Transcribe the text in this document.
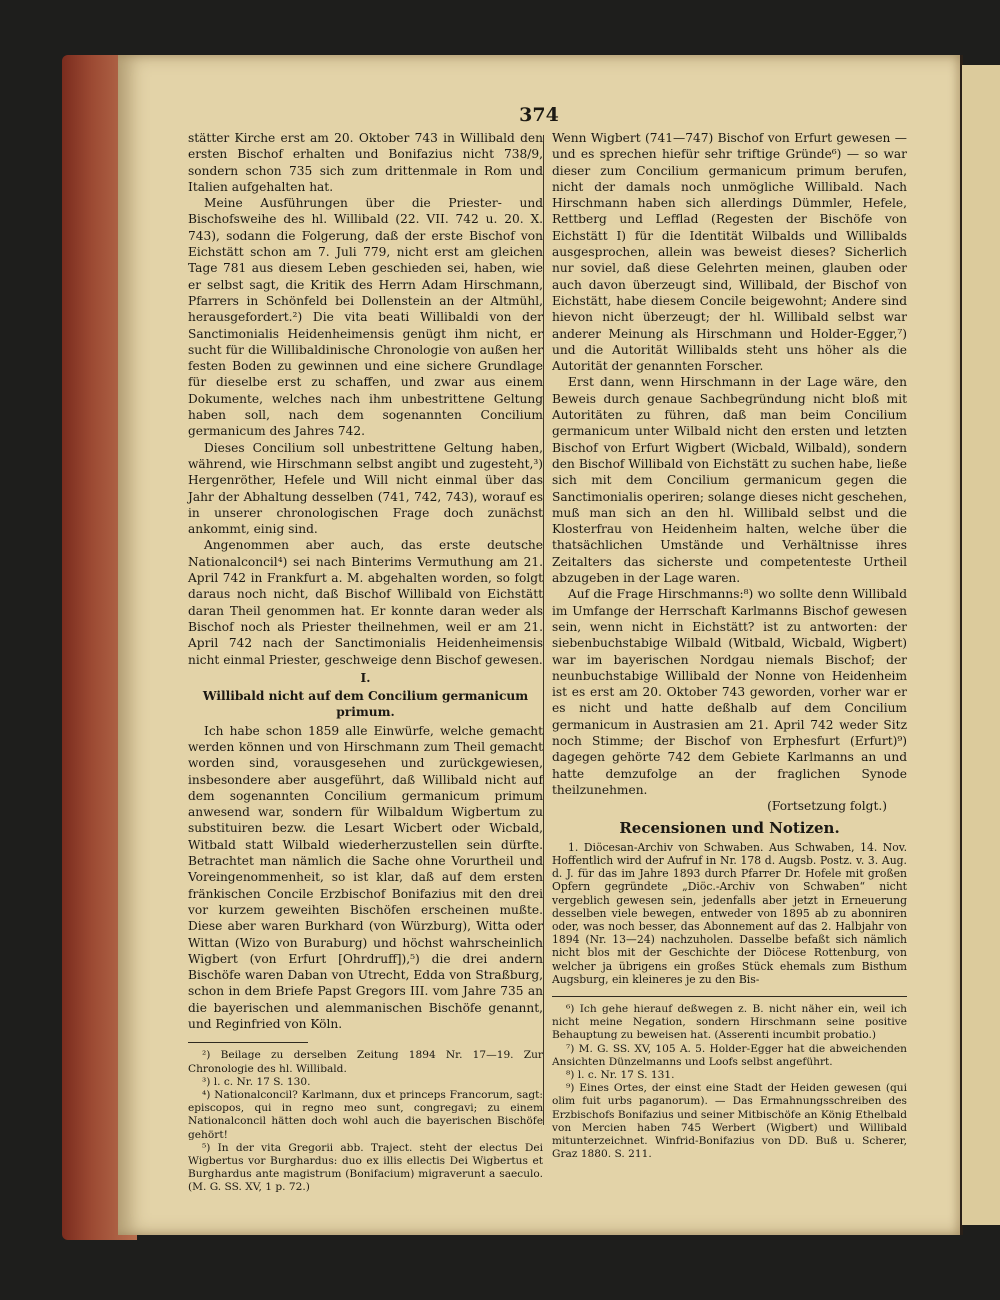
374

stätter Kirche erst am 20. Oktober 743 in Willibald den ersten Bischof erhalten und Bonifazius nicht 738/9, sondern schon 735 sich zum drittenmale in Rom und Italien aufgehalten hat.

Meine Ausführungen über die Priester- und Bischofsweihe des hl. Willibald (22. VII. 742 u. 20. X. 743), sodann die Folgerung, daß der erste Bischof von Eichstätt schon am 7. Juli 779, nicht erst am gleichen Tage 781 aus diesem Leben geschieden sei, haben, wie er selbst sagt, die Kritik des Herrn Adam Hirschmann, Pfarrers in Schönfeld bei Dollenstein an der Altmühl, herausgefordert.²) Die vita beati Willibaldi von der Sanctimonialis Heidenheimensis genügt ihm nicht, er sucht für die Willibaldinische Chronologie von außen her festen Boden zu gewinnen und eine sichere Grundlage für dieselbe erst zu schaffen, und zwar aus einem Dokumente, welches nach ihm unbestrittene Geltung haben soll, nach dem sogenannten Concilium germanicum des Jahres 742.

Dieses Concilium soll unbestrittene Geltung haben, während, wie Hirschmann selbst angibt und zugesteht,³) Hergenröther, Hefele und Will nicht einmal über das Jahr der Abhaltung desselben (741, 742, 743), worauf es in unserer chronologischen Frage doch zunächst ankommt, einig sind.

Angenommen aber auch, das erste deutsche Nationalconcil⁴) sei nach Binterims Vermuthung am 21. April 742 in Frankfurt a. M. abgehalten worden, so folgt daraus noch nicht, daß Bischof Willibald von Eichstätt daran Theil genommen hat. Er konnte daran weder als Bischof noch als Priester theilnehmen, weil er am 21. April 742 nach der Sanctimonialis Heidenheimensis nicht einmal Priester, geschweige denn Bischof gewesen.

I.
Willibald nicht auf dem Concilium germanicum primum.

Ich habe schon 1859 alle Einwürfe, welche gemacht werden können und von Hirschmann zum Theil gemacht worden sind, vorausgesehen und zurückgewiesen, insbesondere aber ausgeführt, daß Willibald nicht auf dem sogenannten Concilium germanicum primum anwesend war, sondern für Wilbaldum Wigbertum zu substituiren bezw. die Lesart Wicbert oder Wicbald, Witbald statt Wilbald wiederherzustellen sein dürfte. Betrachtet man nämlich die Sache ohne Vorurtheil und Voreingenommenheit, so ist klar, daß auf dem ersten fränkischen Concile Erzbischof Bonifazius mit den drei vor kurzem geweihten Bischöfen erscheinen mußte. Diese aber waren Burkhard (von Würzburg), Witta oder Wittan (Wizo von Buraburg) und höchst wahrscheinlich Wigbert (von Erfurt [Ohrdruff]),⁵) die drei andern Bischöfe waren Daban von Utrecht, Edda von Straßburg, schon in dem Briefe Papst Gregors III. vom Jahre 735 an die bayerischen und alemmanischen Bischöfe genannt, und Reginfried von Köln.

²) Beilage zu derselben Zeitung 1894 Nr. 17—19. Zur Chronologie des hl. Willibald.

³) l. c. Nr. 17 S. 130.

⁴) Nationalconcil? Karlmann, dux et princeps Francorum, sagt: episcopos, qui in regno meo sunt, congregavi; zu einem Nationalconcil hätten doch wohl auch die bayerischen Bischöfe gehört!

⁵) In der vita Gregorii abb. Traject. steht der electus Dei Wigbertus vor Burghardus: duo ex illis ellectis Dei Wigbertus et Burghardus ante magistrum (Bonifacium) migraverunt a saeculo. (M. G. SS. XV, 1 p. 72.)

Wenn Wigbert (741—747) Bischof von Erfurt gewesen — und es sprechen hiefür sehr triftige Gründe⁶) — so war dieser zum Concilium germanicum primum berufen, nicht der damals noch unmögliche Willibald. Nach Hirschmann haben sich allerdings Dümmler, Hefele, Rettberg und Lefflad (Regesten der Bischöfe von Eichstätt I) für die Identität Wilbalds und Willibalds ausgesprochen, allein was beweist dieses? Sicherlich nur soviel, daß diese Gelehrten meinen, glauben oder auch davon überzeugt sind, Willibald, der Bischof von Eichstätt, habe diesem Concile beigewohnt; Andere sind hievon nicht überzeugt; der hl. Willibald selbst war anderer Meinung als Hirschmann und Holder-Egger,⁷) und die Autorität Willibalds steht uns höher als die Autorität der genannten Forscher.

Erst dann, wenn Hirschmann in der Lage wäre, den Beweis durch genaue Sachbegründung nicht bloß mit Autoritäten zu führen, daß man beim Concilium germanicum unter Wilbald nicht den ersten und letzten Bischof von Erfurt Wigbert (Wicbald, Wilbald), sondern den Bischof Willibald von Eichstätt zu suchen habe, ließe sich mit dem Concilium germanicum gegen die Sanctimonialis operiren; solange dieses nicht geschehen, muß man sich an den hl. Willibald selbst und die Klosterfrau von Heidenheim halten, welche über die thatsächlichen Umstände und Verhältnisse ihres Zeitalters das sicherste und competenteste Urtheil abzugeben in der Lage waren.

Auf die Frage Hirschmanns:⁸) wo sollte denn Willibald im Umfange der Herrschaft Karlmanns Bischof gewesen sein, wenn nicht in Eichstätt? ist zu antworten: der siebenbuchstabige Wilbald (Witbald, Wicbald, Wigbert) war im bayerischen Nordgau niemals Bischof; der neunbuchstabige Willibald der Nonne von Heidenheim ist es erst am 20. Oktober 743 geworden, vorher war er es nicht und hatte deßhalb auf dem Concilium germanicum in Austrasien am 21. April 742 weder Sitz noch Stimme; der Bischof von Erphesfurt (Erfurt)⁹) dagegen gehörte 742 dem Gebiete Karlmanns an und hatte demzufolge an der fraglichen Synode theilzunehmen.

(Fortsetzung folgt.)

Recensionen und Notizen.

1. Diöcesan-Archiv von Schwaben. Aus Schwaben, 14. Nov. Hoffentlich wird der Aufruf in Nr. 178 d. Augsb. Postz. v. 3. Aug. d. J. für das im Jahre 1893 durch Pfarrer Dr. Hofele mit großen Opfern gegründete „Diöc.-Archiv von Schwaben“ nicht vergeblich gewesen sein, jedenfalls aber jetzt in Erneuerung desselben viele bewegen, entweder von 1895 ab zu abonniren oder, was noch besser, das Abonnement auf das 2. Halbjahr von 1894 (Nr. 13—24) nachzuholen. Dasselbe befaßt sich nämlich nicht blos mit der Geschichte der Diöcese Rottenburg, von welcher ja übrigens ein großes Stück ehemals zum Bisthum Augsburg, ein kleineres je zu den Bis-

⁶) Ich gehe hierauf deßwegen z. B. nicht näher ein, weil ich nicht meine Negation, sondern Hirschmann seine positive Behauptung zu beweisen hat. (Asserenti incumbit probatio.)

⁷) M. G. SS. XV, 105 A. 5. Holder-Egger hat die abweichenden Ansichten Dünzelmanns und Loofs selbst angeführt.

⁸) l. c. Nr. 17 S. 131.

⁹) Eines Ortes, der einst eine Stadt der Heiden gewesen (qui olim fuit urbs paganorum). — Das Ermahnungsschreiben des Erzbischofs Bonifazius und seiner Mitbischöfe an König Ethelbald von Mercien haben 745 Werbert (Wigbert) und Willibald mitunterzeichnet. Winfrid-Bonifazius von DD. Buß u. Scherer, Graz 1880. S. 211.
